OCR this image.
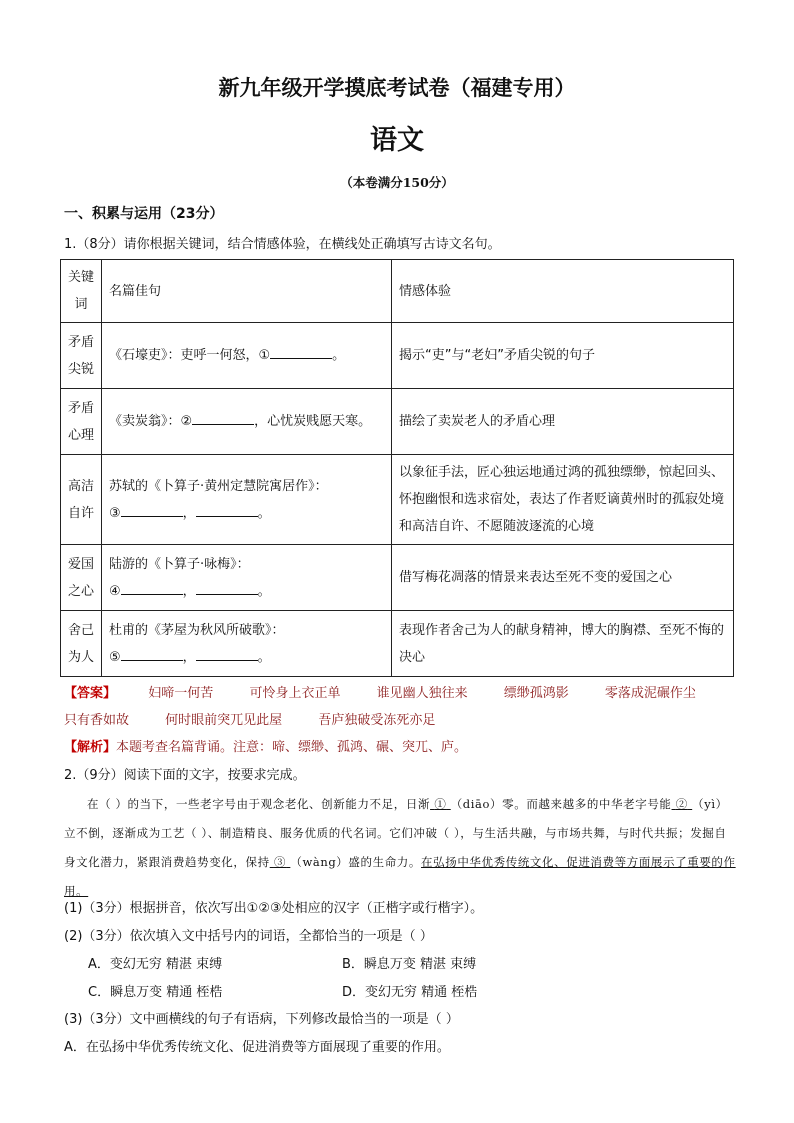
新九年级开学摸底考试卷（福建专用）
语文
（本卷满分150分）
一、积累与运用（23分）
1.（8分）请你根据关键词，结合情感体验，在横线处正确填写古诗文名句。
关键词	名篇佳句	情感体验
矛盾尖锐	《石壕吏》：吏呼一何怒，① 。	揭示“吏”与“老妇”矛盾尖锐的句子
矛盾心理	《卖炭翁》：② ，心忧炭贱愿天寒。	描绘了卖炭老人的矛盾心理
高洁自许	苏轼的《卜算子·黄州定慧院寓居作》：
③ ， 。	以象征手法，匠心独运地通过鸿的孤独缥缈，惊起回头、怀抱幽恨和选求宿处，表达了作者贬谪黄州时的孤寂处境和高洁自许、不愿随波逐流的心境
爱国之心	陆游的《卜算子·咏梅》：
④ ， 。	借写梅花凋落的情景来表达至死不变的爱国之心
舍己为人	杜甫的《茅屋为秋风所破歌》：
⑤ ， 。	表现作者舍己为人的献身精神，博大的胸襟、至死不悔的决心
【答案】 妇啼一何苦	可怜身上衣正单	谁见幽人独往来	缥缈孤鸿影	零落成泥碾作尘 只有香如故	何时眼前突兀见此屋	吾庐独破受冻死亦足
【解析】本题考查名篇背诵。注意：啼、缥缈、孤鸿、碾、突兀、庐。
2.（9分）阅读下面的文字，按要求完成。
在（ ）的当下，一些老字号由于观念老化、创新能力不足，日渐 ① （diāo）零。而越来越多的中华老字号能 ② （yì）立不倒，逐渐成为工艺（ ）、制造精良、服务优质的代名词。它们冲破（ ），与生活共融，与市场共舞，与时代共振；发掘自身文化潜力，紧跟消费趋势变化，保持 ③ （wàng）盛的生命力。在弘扬中华优秀传统文化、促进消费等方面展示了重要的作用。
(1)（3分）根据拼音，依次写出①②③处相应的汉字（正楷字或行楷字）。
(2)（3分）依次填入文中括号内的词语，全都恰当的一项是（ ）
A．变幻无穷 精湛 束缚	B．瞬息万变 精湛 束缚
C．瞬息万变 精通 桎梏	D．变幻无穷 精通 桎梏
(3)（3分）文中画横线的句子有语病，下列修改最恰当的一项是（ ）
A．在弘扬中华优秀传统文化、促进消费等方面展现了重要的作用。
